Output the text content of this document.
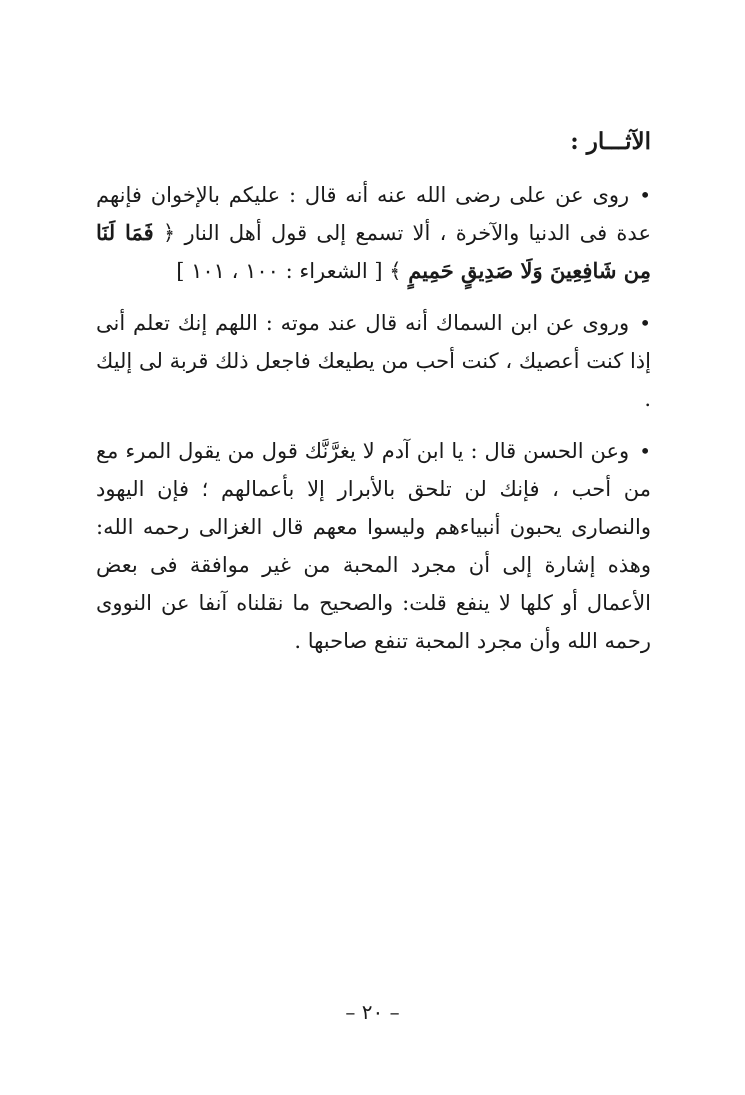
الآثـــار :

•روى عن على رضى الله عنه أنه قال : عليكم بالإخوان فإنهم عدة فى الدنيا والآخرة ، ألا تسمع إلى قول أهل النار ﴿ فَمَا لَنَا مِن شَافِعِينَ وَلَا صَدِيقٍ حَمِيمٍ ﴾ [ الشعراء : ١٠٠ ، ١٠١ ]

•وروى عن ابن السماك أنه قال عند موته : اللهم إنك تعلم أنى إذا كنت أعصيك ، كنت أحب من يطيعك فاجعل ذلك قربة لى إليك .

•وعن الحسن قال : يا ابن آدم لا يغرَّنَّك قول من يقول المرء مع من أحب ، فإنك لن تلحق بالأبرار إلا بأعمالهم ؛ فإن اليهود والنصارى يحبون أنبياءهم وليسوا معهم قال الغزالى رحمه الله: وهذه إشارة إلى أن مجرد المحبة من غير موافقة فى بعض الأعمال أو كلها لا ينفع قلت: والصحيح ما نقلناه آنفا عن النووى رحمه الله وأن مجرد المحبة تنفع صاحبها .

– ٢٠ –
